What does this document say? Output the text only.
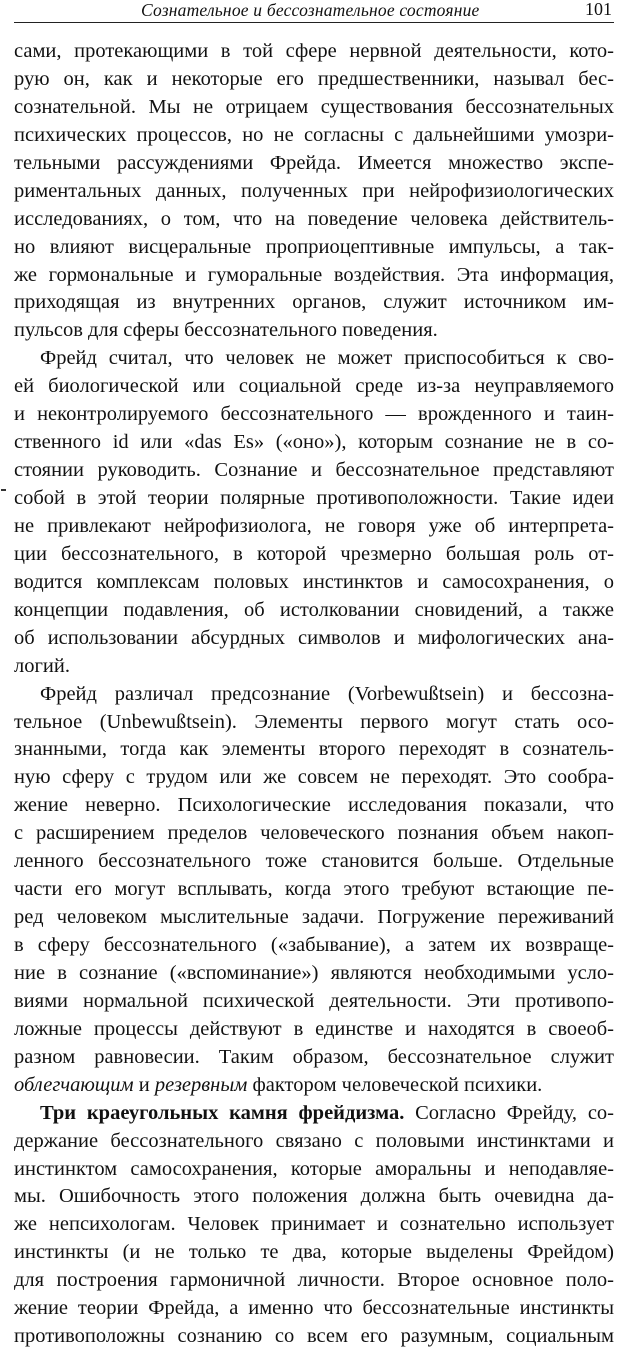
Сознательное и бессознательное состояние	101
сами, протекающими в той сфере нервной деятельности, кото-
рую он, как и некоторые его предшественники, называл бес-
сознательной. Мы не отрицаем существования бессознательных
психических процессов, но не согласны с дальнейшими умозри-
тельными рассуждениями Фрейда. Имеется множество экспе-
риментальных данных, полученных при нейрофизиологических
исследованиях, о том, что на поведение человека действитель-
но влияют висцеральные проприоцептивные импульсы, а так-
же гормональные и гуморальные воздействия. Эта информация,
приходящая из внутренних органов, служит источником им-
пульсов для сферы бессознательного поведения.
Фрейд считал, что человек не может приспособиться к сво-
ей биологической или социальной среде из-за неуправляемого
и неконтролируемого бессознательного — врожденного и таин-
ственного id или «das Es» («оно»), которым сознание не в со-
стоянии руководить. Сознание и бессознательное представляют
собой в этой теории полярные противоположности. Такие идеи
не привлекают нейрофизиолога, не говоря уже об интерпрета-
ции бессознательного, в которой чрезмерно большая роль от-
водится комплексам половых инстинктов и самосохранения, о
концепции подавления, об истолковании сновидений, а также
об использовании абсурдных символов и мифологических ана-
логий.
Фрейд различал предсознание (Vorbewußtsein) и бессозна-
тельное (Unbewußtsein). Элементы первого могут стать осо-
знанными, тогда как элементы второго переходят в сознатель-
ную сферу с трудом или же совсем не переходят. Это сообра-
жение неверно. Психологические исследования показали, что
с расширением пределов человеческого познания объем накоп-
ленного бессознательного тоже становится больше. Отдельные
части его могут всплывать, когда этого требуют встающие пе-
ред человеком мыслительные задачи. Погружение переживаний
в сферу бессознательного («забывание), а затем их возвраще-
ние в сознание («вспоминание») являются необходимыми усло-
виями нормальной психической деятельности. Эти противопо-
ложные процессы действуют в единстве и находятся в своеоб-
разном равновесии. Таким образом, бессознательное служит
облегчающим и резервным фактором человеческой психики.
Три краеугольных камня фрейдизма. Согласно Фрейду, со-
держание бессознательного связано с половыми инстинктами и
инстинктом самосохранения, которые аморальны и неподавляе-
мы. Ошибочность этого положения должна быть очевидна да-
же непсихологам. Человек принимает и сознательно использует
инстинкты (и не только те два, которые выделены Фрейдом)
для построения гармоничной личности. Второе основное поло-
жение теории Фрейда, а именно что бессознательные инстинкты
противоположны сознанию со всем его разумным, социальным
